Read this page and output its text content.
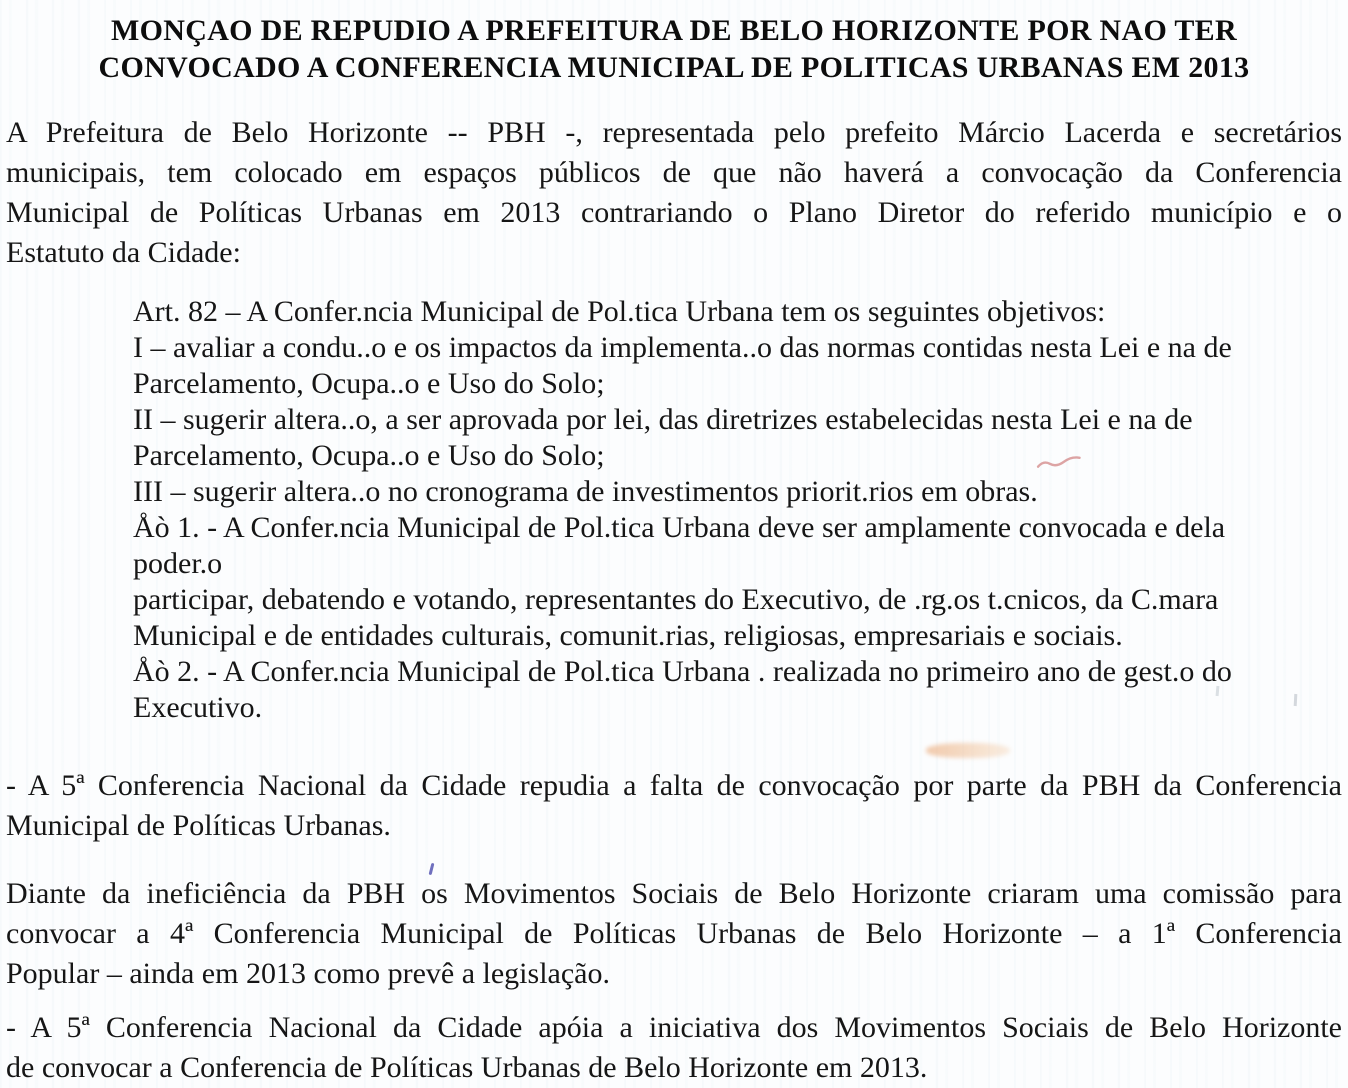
MONÇAO DE REPUDIO A PREFEITURA DE BELO HORIZONTE POR NAO TER
CONVOCADO A CONFERENCIA MUNICIPAL DE POLITICAS URBANAS EM 2013
A Prefeitura de Belo Horizonte -- PBH -, representada pelo prefeito Márcio Lacerda e secretários
municipais, tem colocado em espaços públicos de que não haverá a convocação da Conferencia
Municipal de Políticas Urbanas em 2013 contrariando o Plano Diretor do referido município e o
Estatuto da Cidade:
Art. 82 – A Confer.ncia Municipal de Pol.tica Urbana tem os seguintes objetivos:
I – avaliar a condu..o e os impactos da implementa..o das normas contidas nesta Lei e na de
Parcelamento, Ocupa..o e Uso do Solo;
II – sugerir altera..o, a ser aprovada por lei, das diretrizes estabelecidas nesta Lei e na de
Parcelamento, Ocupa..o e Uso do Solo;
III – sugerir altera..o no cronograma de investimentos priorit.rios em obras.
Åò 1. - A Confer.ncia Municipal de Pol.tica Urbana deve ser amplamente convocada e dela
poder.o
participar, debatendo e votando, representantes do Executivo, de .rg.os t.cnicos, da C.mara
Municipal e de entidades culturais, comunit.rias, religiosas, empresariais e sociais.
Åò 2. - A Confer.ncia Municipal de Pol.tica Urbana . realizada no primeiro ano de gest.o do
Executivo.
- A 5ª Conferencia Nacional da Cidade repudia a falta de convocação por parte da PBH da Conferencia
Municipal de Políticas Urbanas.
Diante da ineficiência da PBH os Movimentos Sociais de Belo Horizonte criaram uma comissão para
convocar a 4ª Conferencia Municipal de Políticas Urbanas de Belo Horizonte – a 1ª Conferencia
Popular – ainda em 2013 como prevê a legislação.
- A 5ª Conferencia Nacional da Cidade apóia a iniciativa dos Movimentos Sociais de Belo Horizonte
de convocar a Conferencia de Políticas Urbanas de Belo Horizonte em 2013.
